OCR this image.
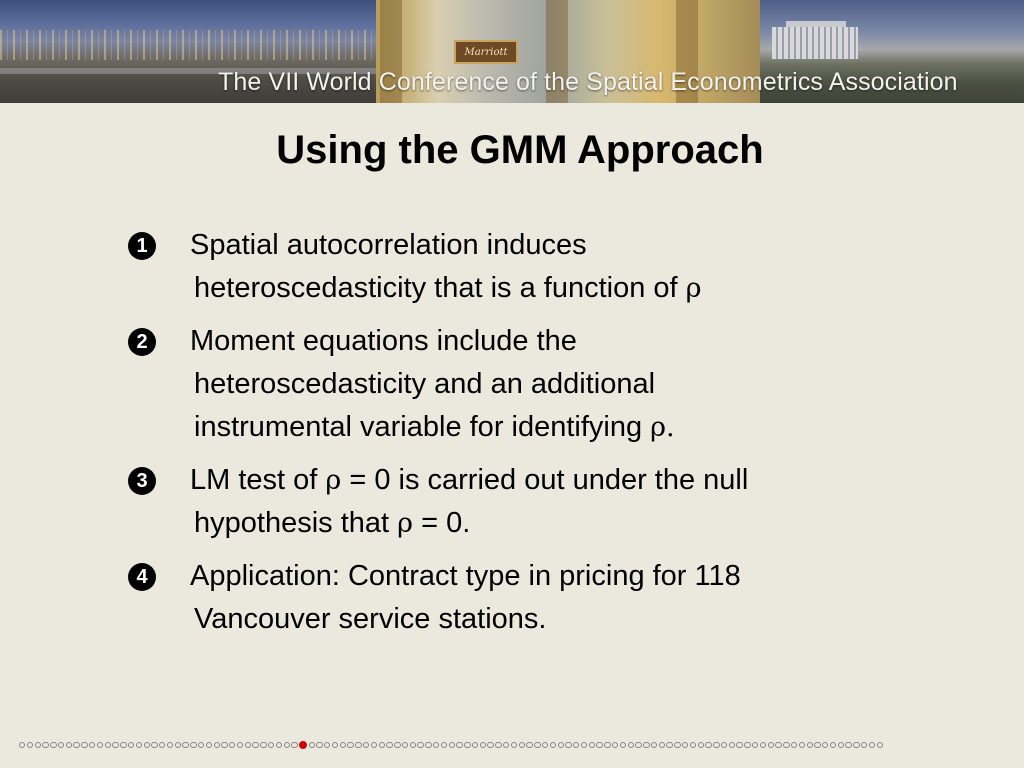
Marriott
The VII World Conference of the Spatial Econometrics Association
Using the GMM Approach
1 Spatial autocorrelation induces
heteroscedasticity that is a function of ρ
2 Moment equations include the
heteroscedasticity and an additional
instrumental variable for identifying ρ.
3 LM test of ρ = 0 is carried out under the null
hypothesis that ρ = 0.
4 Application: Contract type in pricing for 118
Vancouver service stations.
